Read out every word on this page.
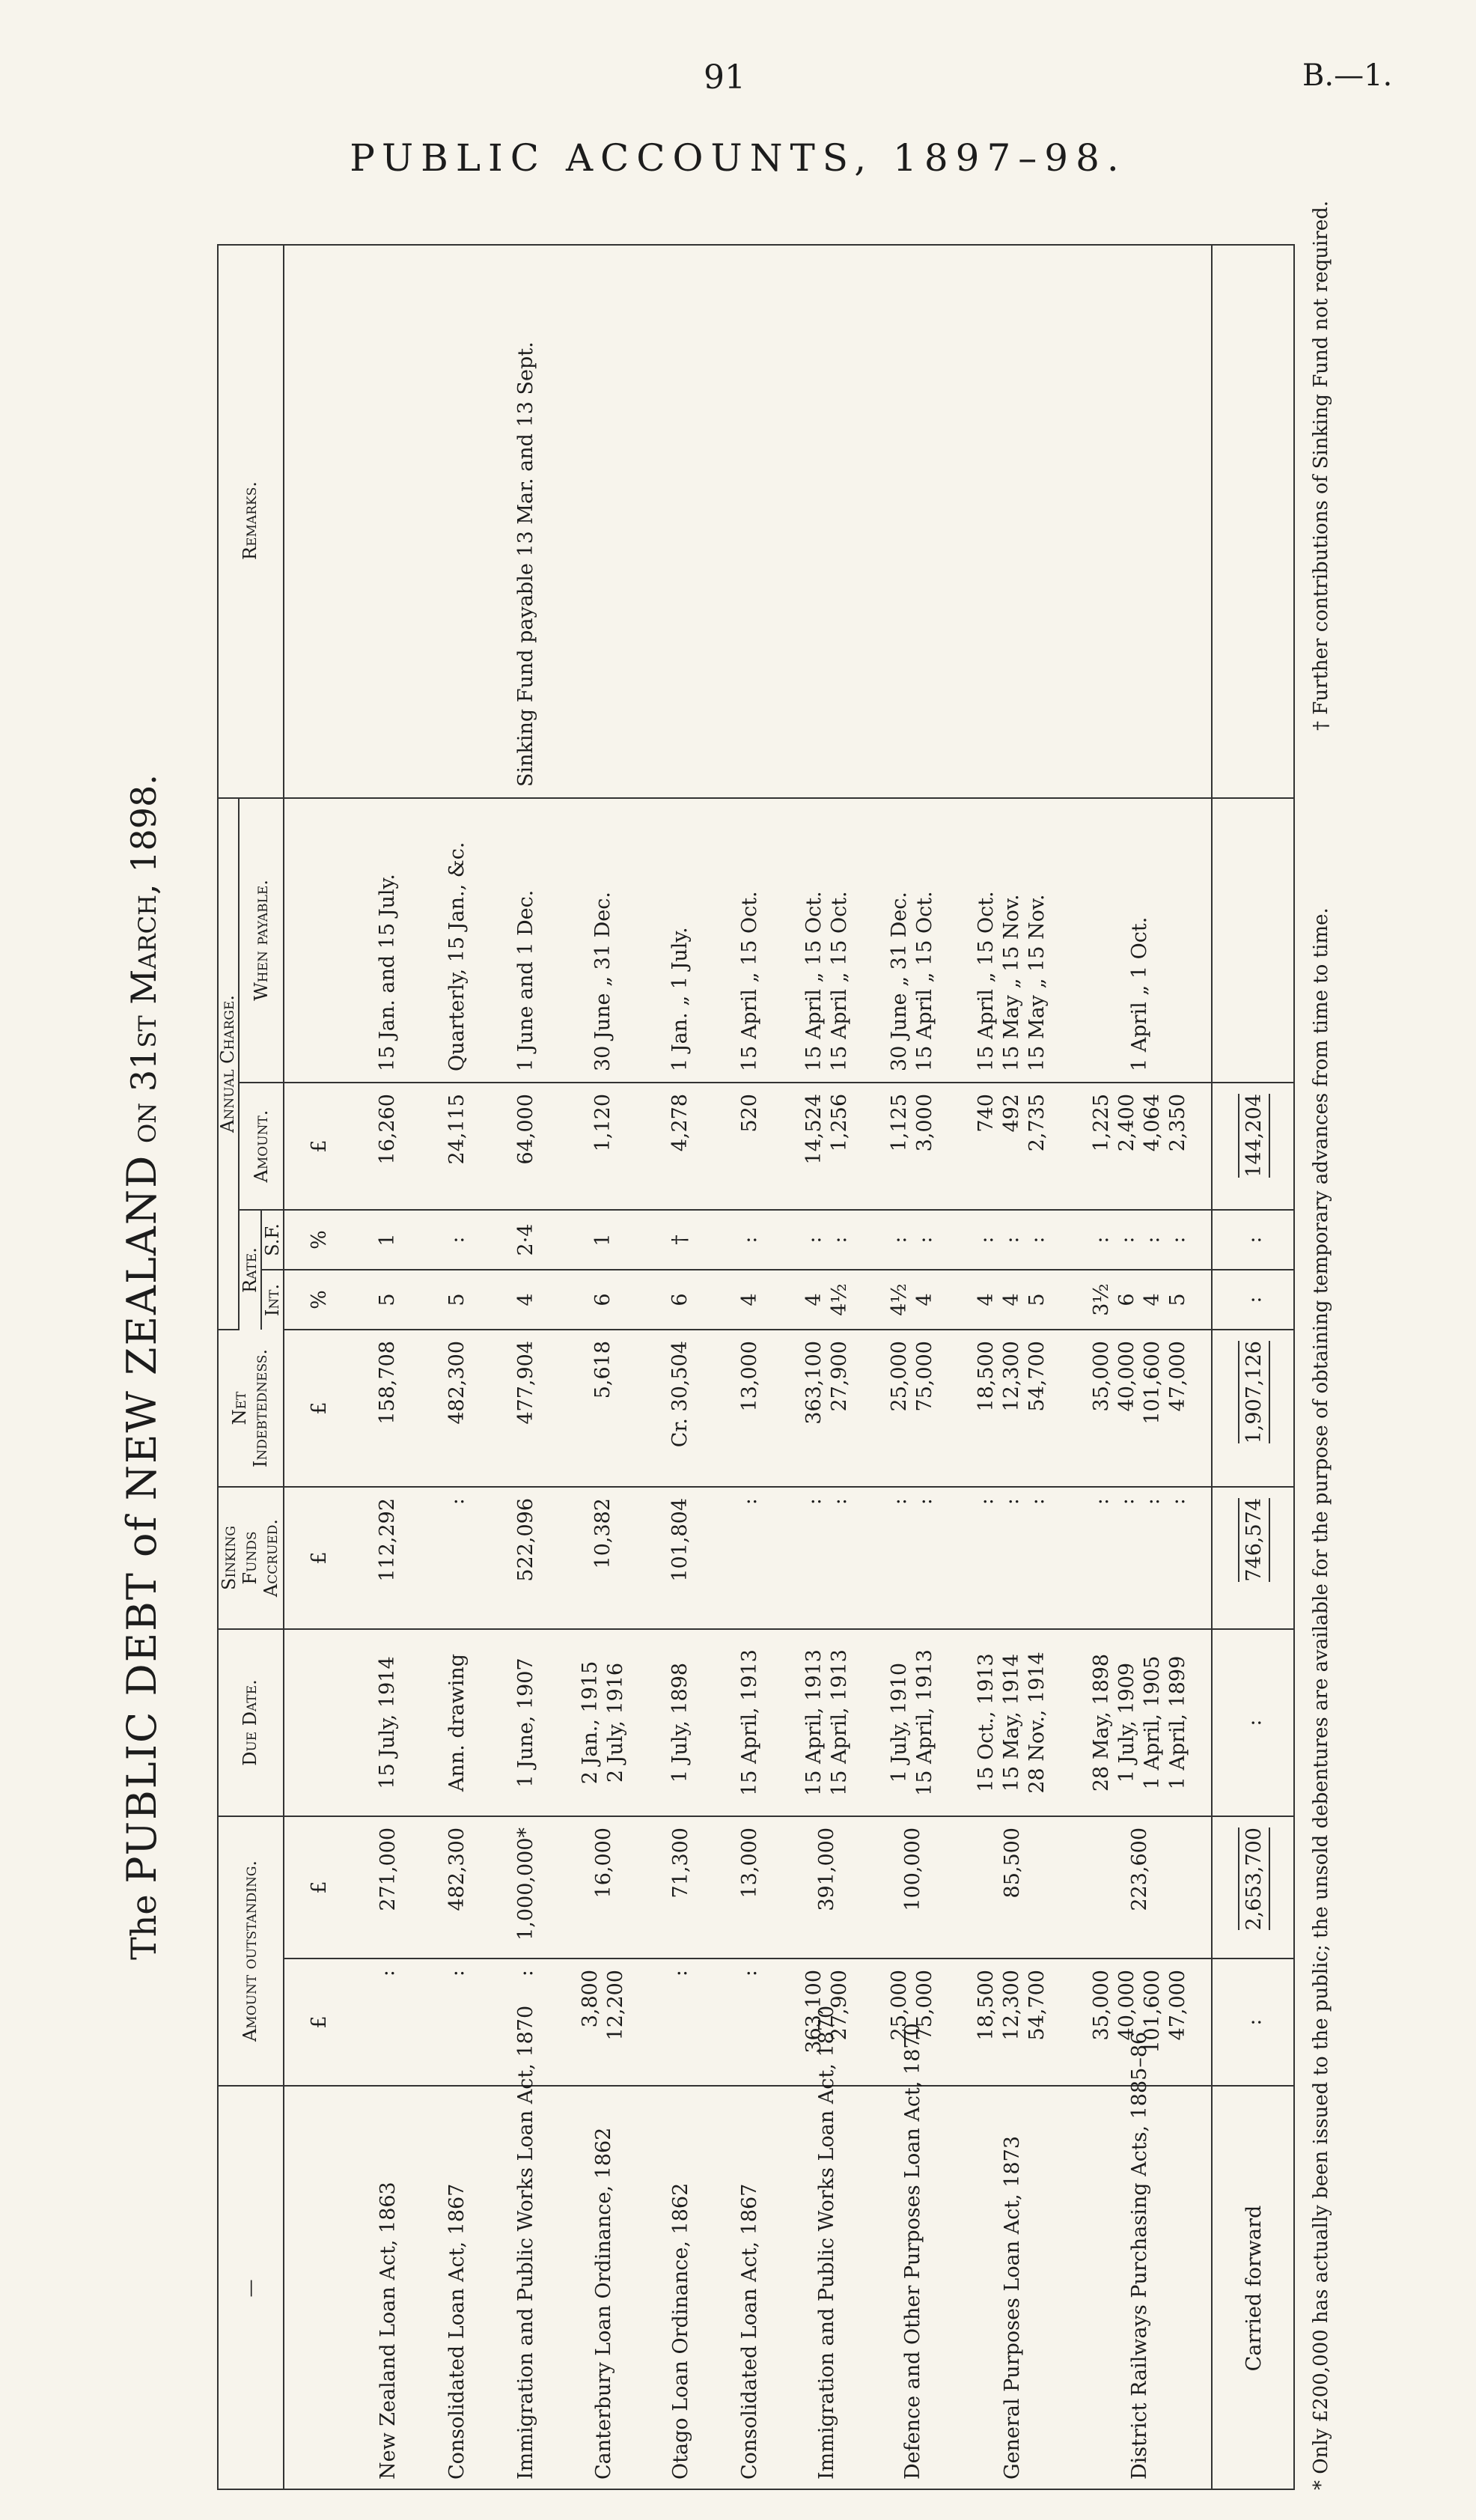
91	B.—1.
PUBLIC ACCOUNTS, 1897–98.
The PUBLIC DEBT of NEW ZEALAND on 31st March, 1898.
—	Amount outstanding.		Due Date.	Sinking Funds Accrued.	Net Indebtedness.	Annual Charge.				Remarks.
						Rate.		Amount.	When payable.	
						Int.	S.F.			
	£	£		£	£	%	%	£		
New Zealand Loan Act, 1863	:	271,000	15 July, 1914	112,292	158,708	5	1	16,260	15 Jan. and 15 July.	
Consolidated Loan Act, 1867	:	482,300	Ann. drawing	:	482,300	5	:	24,115	Quarterly, 15 Jan., &c.	
Immigration and Public Works Loan Act, 1870	:	1,000,000*	1 June, 1907	522,096	477,904	4	2·4	64,000	1 June and 1 Dec.	Sinking Fund payable 13 Mar. and 13 Sept.
Canterbury Loan Ordinance, 1862	3,800 12,200	16,000	2 Jan., 1915 2 July, 1916	10,382	5,618	6	1	1,120	30 June „ 31 Dec.	
Otago Loan Ordinance, 1862	:	71,300	1 July, 1898	101,804	Cr. 30,504	6	†	4,278	1 Jan. „ 1 July.	
Consolidated Loan Act, 1867	:	13,000	15 April, 1913	:	13,000	4	:	520	15 April „ 15 Oct.	
Immigration and Public Works Loan Act, 1870	363,100 27,900	391,000	15 April, 1913 15 April, 1913	: :	363,100 27,900	4 4½	: :	14,524 1,256	15 April „ 15 Oct. 15 April „ 15 Oct.	

Defence and Other Purposes Loan Act, 1870	25,000 75,000	100,000	1 July, 1910 15 April, 1913	: :	25,000 75,000	4½ 4	: :	1,125 3,000	30 June „ 31 Dec. 15 April „ 15 Oct.	

General Purposes Loan Act, 1873	18,500 12,300 54,700	85,500	15 Oct., 1913 15 May, 1914 28 Nov., 1914	: : :	18,500 12,300 54,700	4 4 5	: : :	740 492 2,735	15 April „ 15 Oct. 15 May „ 15 Nov. 15 May „ 15 Nov.	

District Railways Purchasing Acts, 1885–86	35,000 40,000 101,600 47,000	223,600	28 May, 1898 1 July, 1909 1 April, 1905 1 April, 1899	: : : :	35,000 40,000 101,600 47,000	3½ 6 4 5	: : : :	1,225 2,400 4,064 2,350	1 April „ 1 Oct.	
Carried forward	:	2,653,700	:	746,574	1,907,126	:	:	144,204		* Only £200,000 has actually been issued to the public; the unsold debentures are available for the purpose of obtaining temporary advances from time to time.
† Further contributions of Sinking Fund not required.
